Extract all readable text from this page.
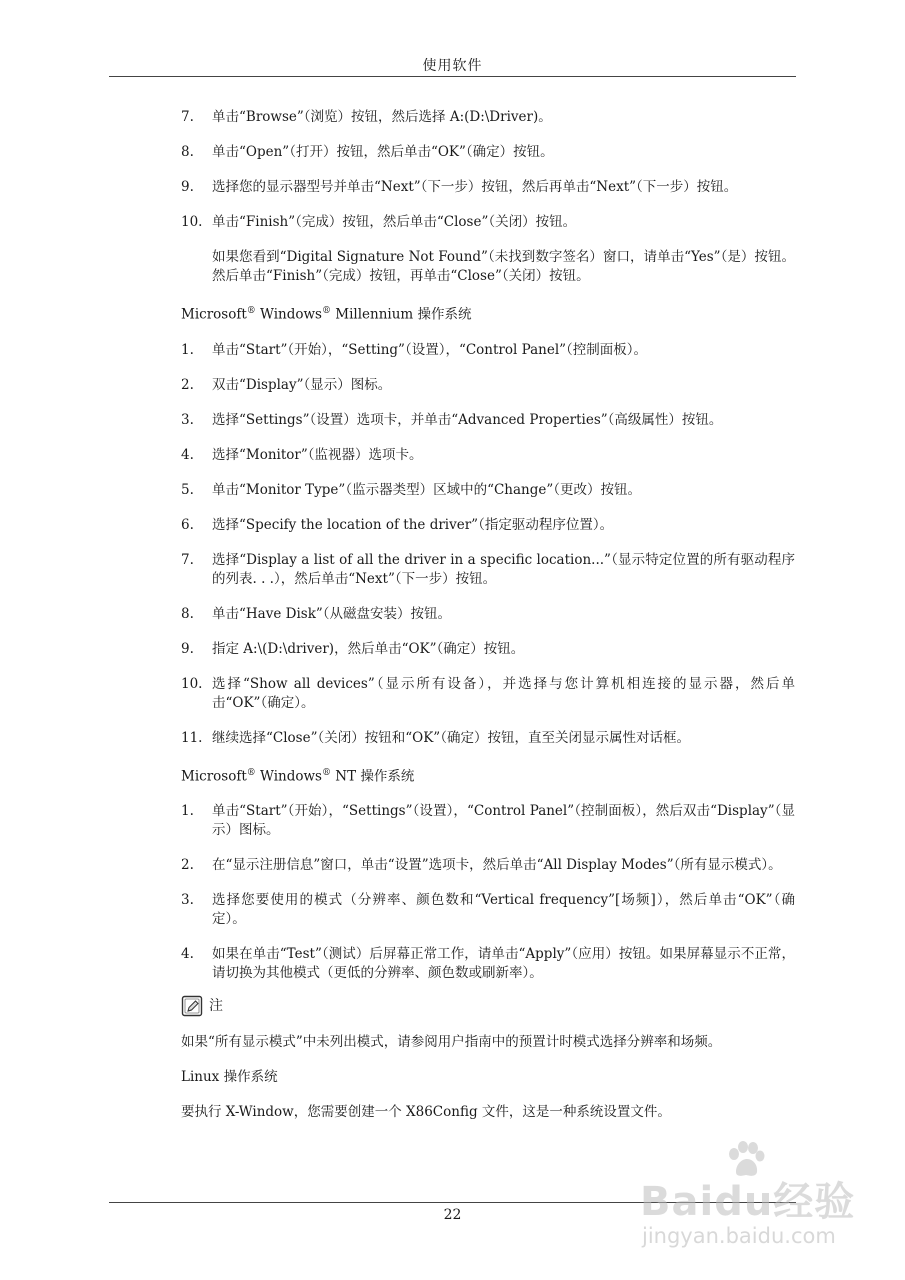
使用软件
7.	单击“Browse”（浏览）按钮，然后选择 A:(D:\Driver)。
8.	单击“Open”（打开）按钮，然后单击“OK”（确定）按钮。
9.	选择您的显示器型号并单击“Next”（下一步）按钮，然后再单击“Next”（下一步）按钮。
10. 单击“Finish”（完成）按钮，然后单击“Close”（关闭）按钮。
如果您看到“Digital Signature Not Found”（未找到数字签名）窗口，请单击“Yes”（是）按钮。然后单击“Finish”（完成）按钮，再单击“Close”（关闭）按钮。
Microsoft® Windows® Millennium 操作系统
1.	单击“Start”（开始），“Setting”（设置），“Control Panel”（控制面板）。
2.	双击“Display”（显示）图标。
3.	选择“Settings”（设置）选项卡，并单击“Advanced Properties”（高级属性）按钮。
4.	选择“Monitor”（监视器）选项卡。
5.	单击“Monitor Type”（监示器类型）区域中的“Change”（更改）按钮。
6.	选择“Specify the location of the driver”（指定驱动程序位置）。
7.	选择“Display a list of all the driver in a specific location...”（显示特定位置的所有驱动程序的列表. . .），然后单击“Next”（下一步）按钮。
8.	单击“Have Disk”（从磁盘安装）按钮。
9.	指定 A:\(D:\driver)，然后单击“OK”（确定）按钮。
10. 选择“Show all devices”（显示所有设备），并选择与您计算机相连接的显示器，然后单击“OK”（确定）。
11. 继续选择“Close”（关闭）按钮和“OK”（确定）按钮，直至关闭显示属性对话框。
Microsoft® Windows® NT 操作系统
1.	单击“Start”（开始），“Settings”（设置），“Control Panel”（控制面板），然后双击“Display”（显示）图标。
2.	在“显示注册信息”窗口，单击“设置”选项卡，然后单击“All Display Modes”（所有显示模式）。
3.	选择您要使用的模式（分辨率、颜色数和“Vertical frequency”[场频]），然后单击“OK”（确定）。
4.	如果在单击“Test”（测试）后屏幕正常工作，请单击“Apply”（应用）按钮。如果屏幕显示不正常，请切换为其他模式（更低的分辨率、颜色数或刷新率）。
注
如果“所有显示模式”中未列出模式，请参阅用户指南中的预置计时模式选择分辨率和场频。
Linux 操作系统
要执行 X-Window，您需要创建一个 X86Config 文件，这是一种系统设置文件。
22	Baidu经验
jingyan.baidu.com
